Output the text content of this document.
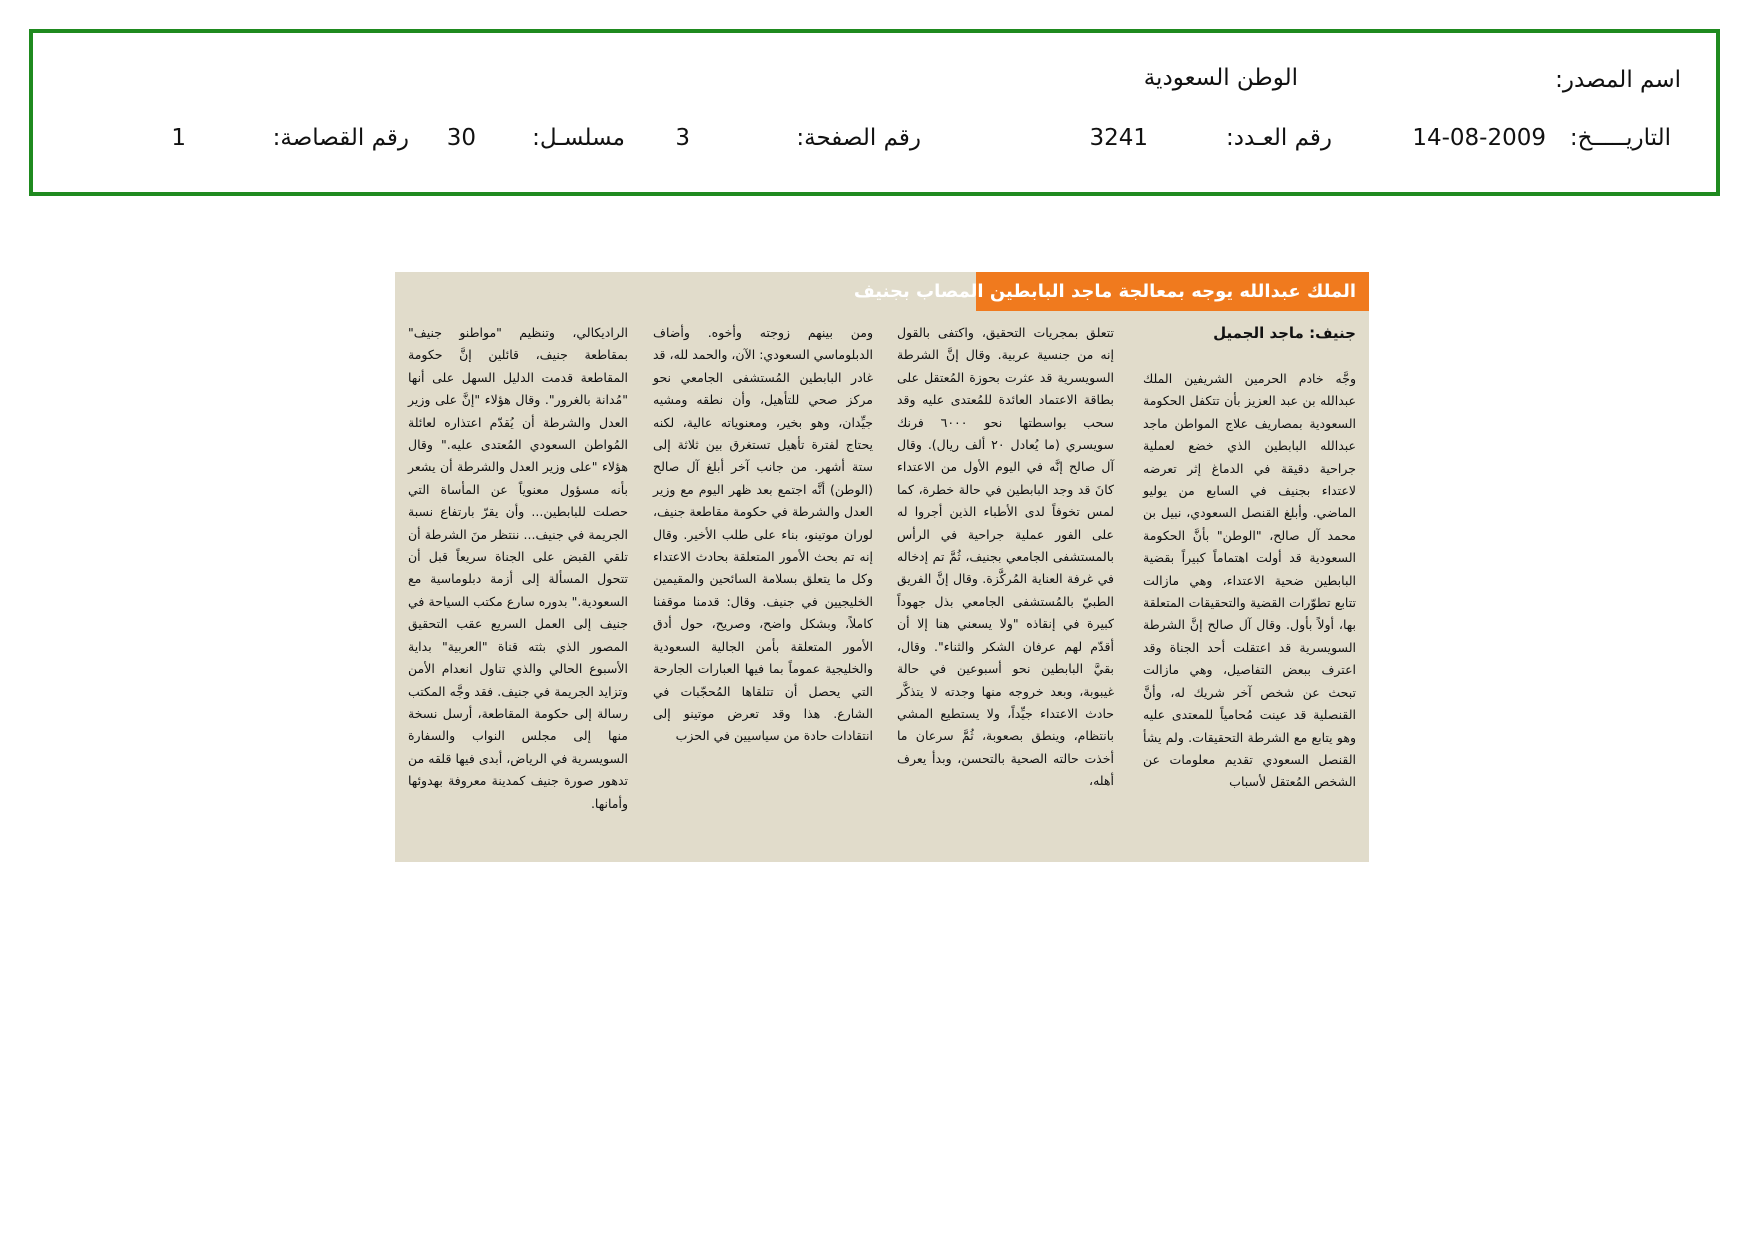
اسم المصدر:
الوطن السعودية
التاريـــــخ:
14-08-2009
رقم العـدد:
3241
رقم الصفحة:
3
مسلسـل:
30
رقم القصاصة:
1
الملك عبدالله يوجه بمعالجة ماجد البابطين المصاب بجنيف
جنيف: ماجد الجميل

وجَّه خادم الحرمين الشريفين الملك عبدالله بن عبد العزيز بأن تتكفل الحكومة السعودية بمصاريف علاج المواطن ماجد عبدالله البابطين الذي خضع لعملية جراحية دقيقة في الدماغ إثر تعرضه لاعتداء بجنيف في السابع من يوليو الماضي. وأبلغ القنصل السعودي، نبيل بن محمد آل صالح، "الوطن" بأنَّ الحكومة السعودية قد أولت اهتماماً كبيراً بقضية البابطين ضحية الاعتداء، وهي مازالت تتابع تطوّرات القضية والتحقيقات المتعلقة بها، أولاً بأول. وقال آل صالح إنَّ الشرطة السويسرية قد اعتقلت أحد الجناة وقد اعترف ببعض التفاصيل، وهي مازالت تبحث عن شخص آخر شريك له، وأنَّ القنصلية قد عينت مُحامياً للمعتدى عليه وهو يتابع مع الشرطة التحقيقات. ولم يشأ القنصل السعودي تقديم معلومات عن الشخص المُعتقل لأسباب

تتعلق بمجريات التحقيق، واكتفى بالقول إنه من جنسية عربية. وقال إنَّ الشرطة السويسرية قد عثرت بحوزة المُعتقل على بطاقة الاعتماد العائدة للمُعتدى عليه وقد سحب بواسطتها نحو ٦٠٠٠ فرنك سويسري (ما يُعادل ٢٠ ألف ريال). وقال آل صالح إنَّه في اليوم الأول من الاعتداء كانَ قد وجد البابطين في حالة خطرة، كما لمس تخوفاً لدى الأطباء الذين أجروا له على الفور عملية جراحية في الرأس بالمستشفى الجامعي بجنيف، ثُمَّ تم إدخاله في غرفة العناية المُركَّزة. وقال إنَّ الفريق الطبيّ بالمُستشفى الجامعي بذل جهوداً كبيرة في إنقاذه "ولا يسعني هنا إلا أن أقدّم لهم عرفان الشكر والثناء". وقال، بقيَّ البابطين نحو أسبوعين في حالة غيبوبة، وبعد خروجه منها وجدته لا يتذكَّر حادث الاعتداء جيِّداً، ولا يستطيع المشي بانتظام، وينطق بصعوبة، ثُمَّ سرعان ما أخذت حالته الصحية بالتحسن، وبدأ يعرف أهله،

ومن بينهم زوجته وأخوه. وأضاف الدبلوماسي السعودي: الآن، والحمد لله، قد غادر البابطين المُستشفى الجامعي نحو مركز صحي للتأهيل، وأن نطقه ومشيه جيِّدان، وهو بخير، ومعنوياته عالية، لكنه يحتاج لفترة تأهيل تستغرق بين ثلاثة إلى ستة أشهر. من جانب آخر أبلغ آل صالح (الوطن) أنَّه اجتمع بعد ظهر اليوم مع وزير العدل والشرطة في حكومة مقاطعة جنيف، لوران موتينو، بناء على طلب الأخير. وقال إنه تم بحث الأمور المتعلقة بحادث الاعتداء وكل ما يتعلق بسلامة السائحين والمقيمين الخليجيين في جنيف. وقال: قدمنا موقفنا كاملاً، وبشكل واضح، وصريح، حول أدق الأمور المتعلقة بأمن الجالية السعودية والخليجية عموماً بما فيها العبارات الجارحة التي يحصل أن تتلقاها المُحجّبات في الشارع. هذا وقد تعرض موتينو إلى انتقادات حادة من سياسيين في الحزب

الراديكالي، وتنظيم "مواطنو جنيف" بمقاطعة جنيف، قائلين إنَّ حكومة المقاطعة قدمت الدليل السهل على أنها "مُدانة بالغرور". وقال هؤلاء "إنَّ على وزير العدل والشرطة أن يُقدّم اعتذاره لعائلة المُواطن السعودي المُعتدى عليه." وقال هؤلاء "على وزير العدل والشرطة أن يشعر بأنه مسؤول معنوياً عن المأساة التي حصلت للبابطين... وأن يقرّ بارتفاع نسبة الجريمة في جنيف... ننتظر منَ الشرطة أن تلقي القبض على الجناة سريعاً قبل أن تتحول المسألة إلى أزمة دبلوماسية مع السعودية." بدوره سارع مكتب السياحة في جنيف إلى العمل السريع عقب التحقيق المصور الذي بثته قناة "العربية" بداية الأسبوع الحالي والذي تناول انعدام الأمن وتزايد الجريمة في جنيف. فقد وجَّه المكتب رسالة إلى حكومة المقاطعة، أرسل نسخة منها إلى مجلس النواب والسفارة السويسرية في الرياض، أبدى فيها قلقه من تدهور صورة جنيف كمدينة معروفة بهدوئها وأمانها.
